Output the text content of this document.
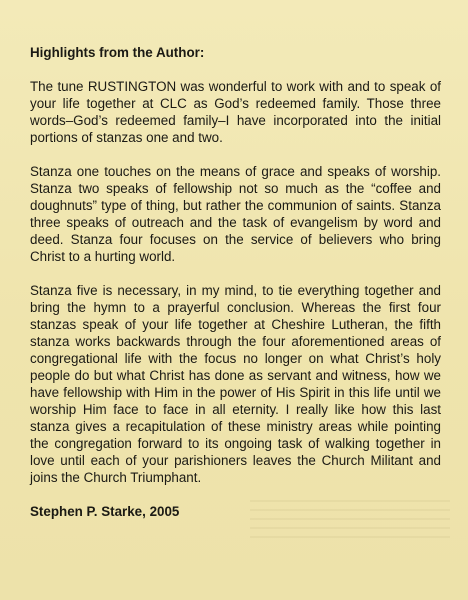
Highlights from the Author:

The tune RUSTINGTON was wonderful to work with and to speak of your life together at CLC as God’s redeemed family. Those three words–God’s redeemed family–I have incorporated into the initial portions of stanzas one and two.

Stanza one touches on the means of grace and speaks of worship. Stanza two speaks of fellowship not so much as the “coffee and doughnuts” type of thing, but rather the communion of saints. Stanza three speaks of outreach and the task of evangelism by word and deed. Stanza four focuses on the service of believers who bring Christ to a hurting world.

Stanza five is necessary, in my mind, to tie everything together and bring the hymn to a prayerful conclusion. Whereas the first four stanzas speak of your life together at Cheshire Lutheran, the fifth stanza works backwards through the four aforementioned areas of congregational life with the focus no longer on what Christ’s holy people do but what Christ has done as servant and witness, how we have fellowship with Him in the power of His Spirit in this life until we worship Him face to face in all eternity. I really like how this last stanza gives a recapitulation of these ministry areas while pointing the congregation forward to its ongoing task of walking together in love until each of your parishioners leaves the Church Militant and joins the Church Triumphant.

Stephen P. Starke, 2005
